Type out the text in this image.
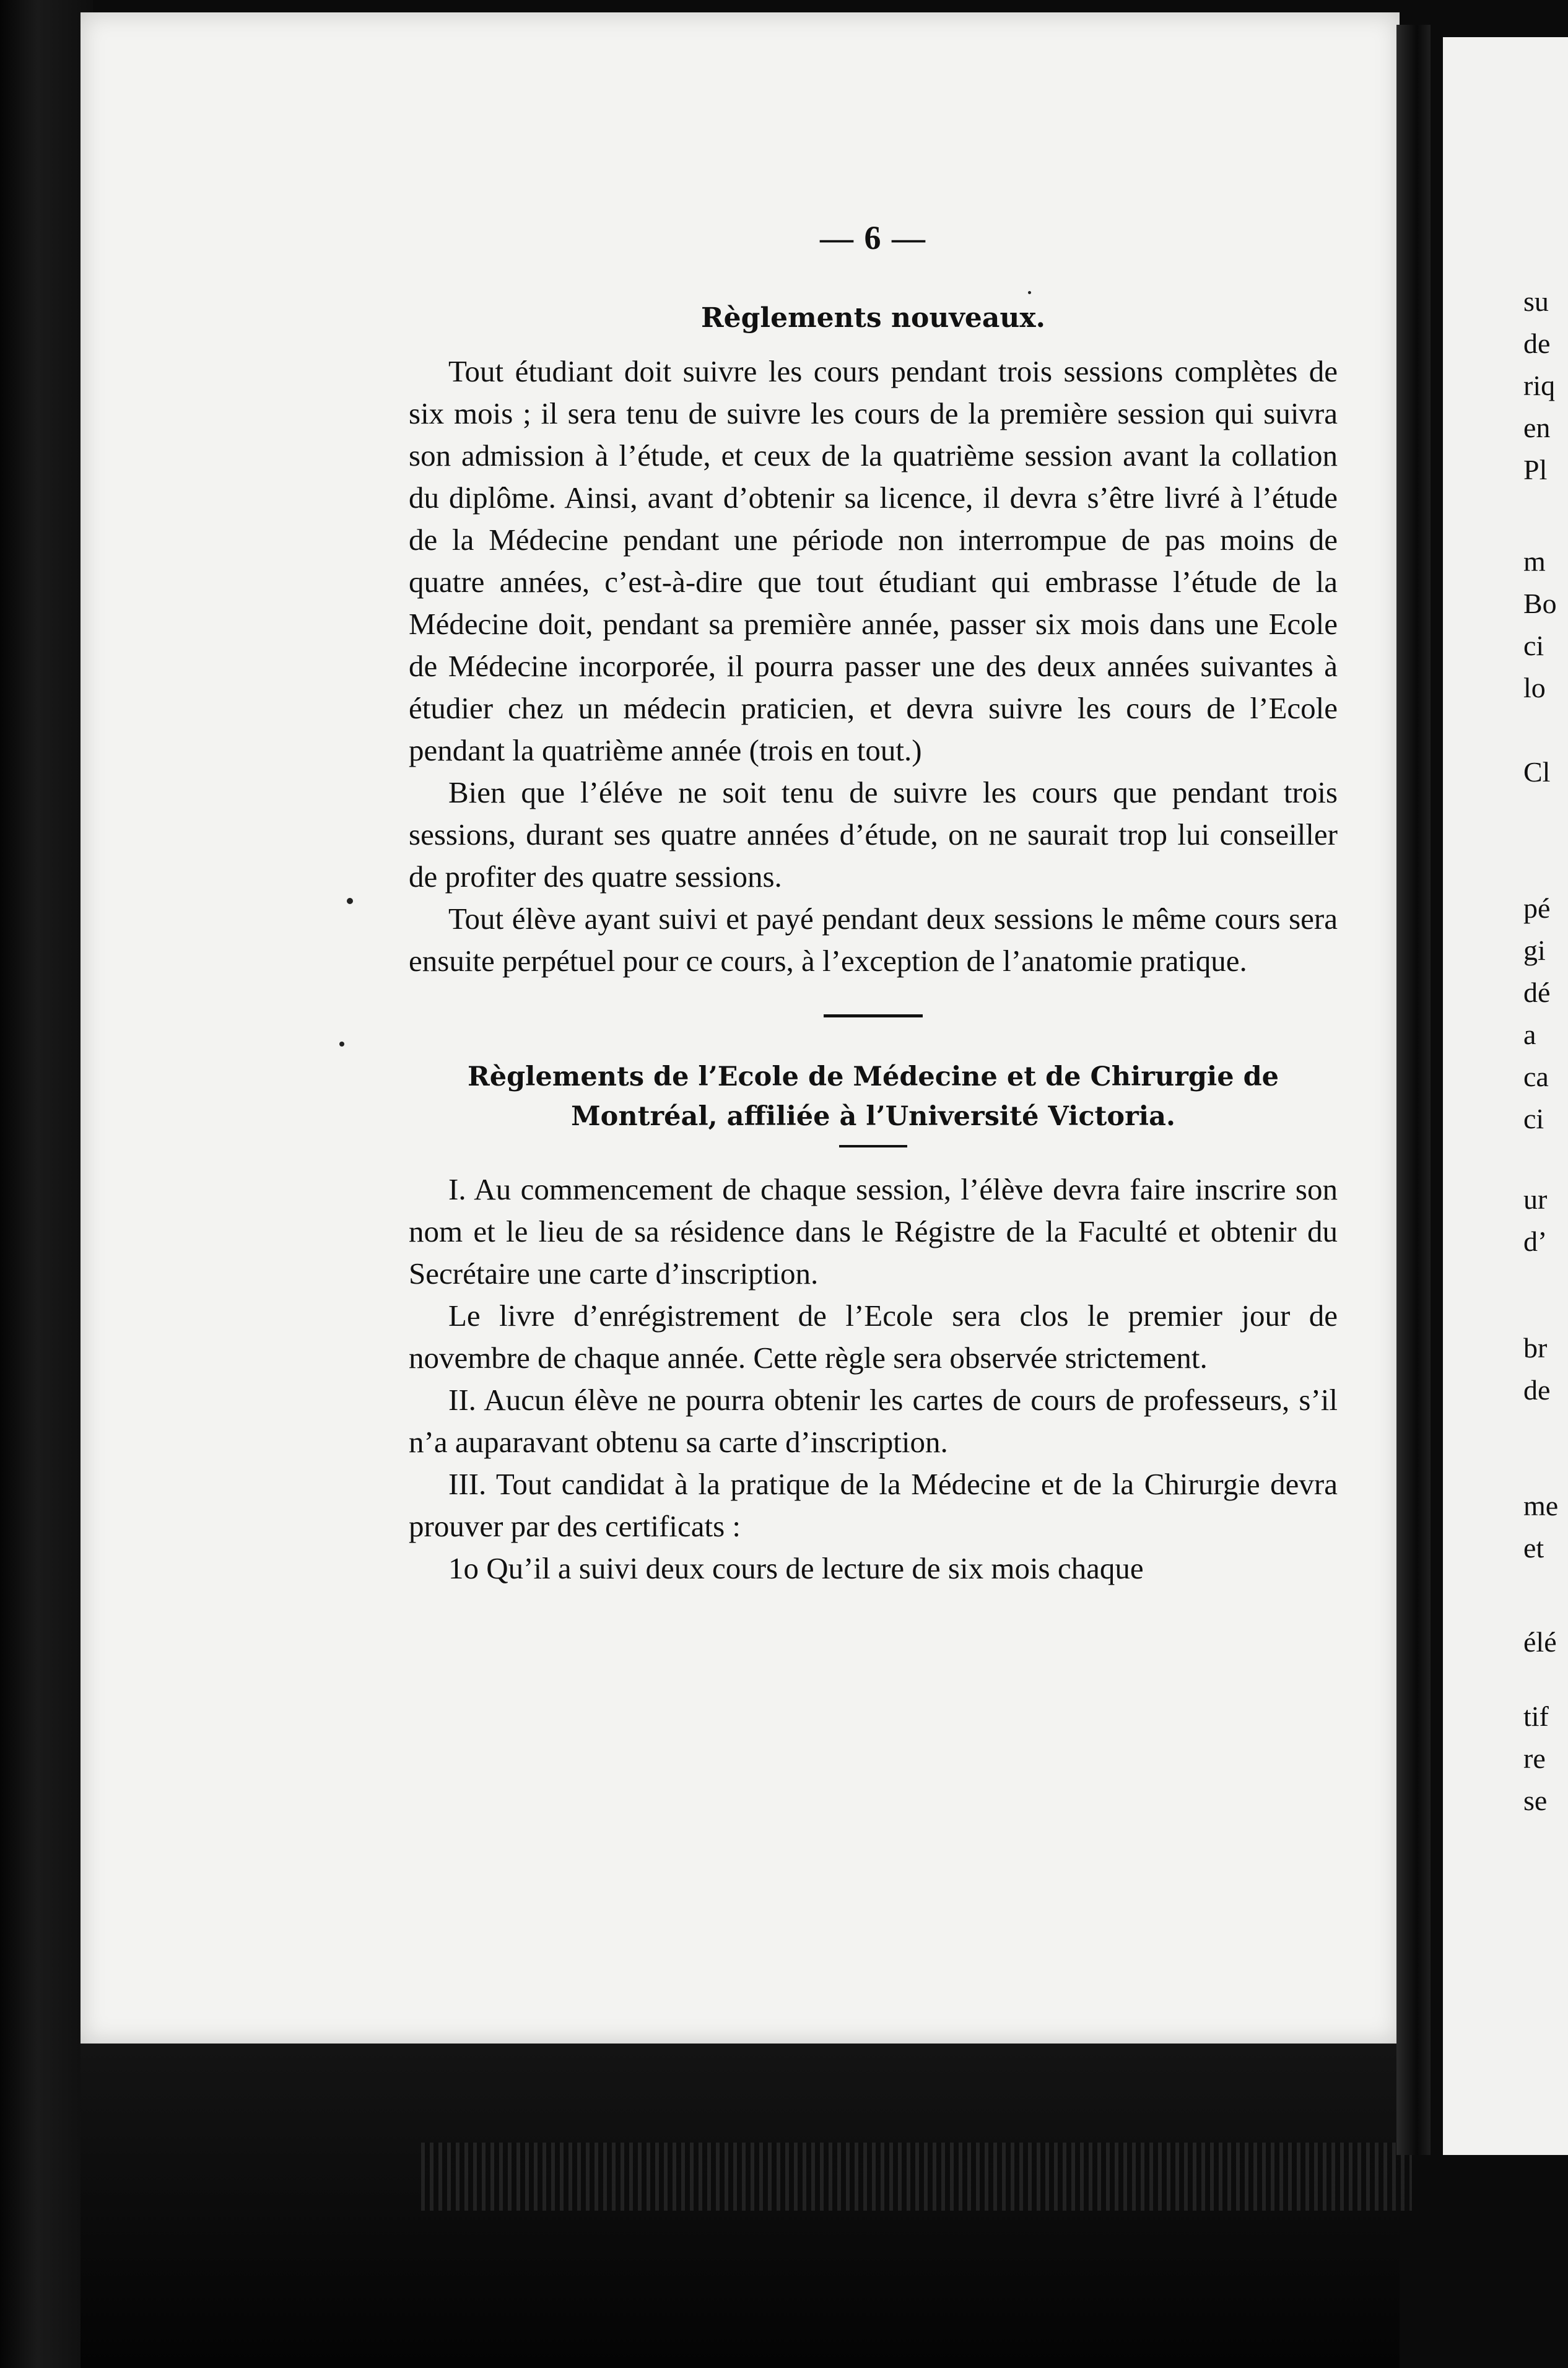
su
de
riq
en
Pl
m
Bo
ci
lo
Cl
pé
gi
dé
a
ca
ci
ur
d’
br
de
me
et
élé
tif
re
se
— 6 —
Règlements nouveaux.

Tout étudiant doit suivre les cours pendant trois sessions complètes de six mois ; il sera tenu de suivre les cours de la première session qui suivra son admission à l’étude, et ceux de la quatrième session avant la collation du diplôme. Ainsi, avant d’obtenir sa licence, il devra s’être livré à l’étude de la Médecine pendant une période non interrompue de pas moins de quatre années, c’est-à-dire que tout étudiant qui embrasse l’étude de la Médecine doit, pendant sa première année, passer six mois dans une Ecole de Médecine incorporée, il pourra passer une des deux années suivantes à étudier chez un médecin praticien, et devra suivre les cours de l’Ecole pendant la quatrième année (trois en tout.)

Bien que l’éléve ne soit tenu de suivre les cours que pendant trois sessions, durant ses quatre années d’étude, on ne saurait trop lui conseiller de profiter des quatre sessions.

Tout élève ayant suivi et payé pendant deux sessions le même cours sera ensuite perpétuel pour ce cours, à l’exception de l’anatomie pratique.

Règlements de l’Ecole de Médecine et de Chirurgie de Montréal, affiliée à l’Université Victoria.

I. Au commencement de chaque session, l’élève devra faire inscrire son nom et le lieu de sa résidence dans le Régistre de la Faculté et obtenir du Secrétaire une carte d’inscription.

Le livre d’enrégistrement de l’Ecole sera clos le premier jour de novembre de chaque année. Cette règle sera observée strictement.

II. Aucun élève ne pourra obtenir les cartes de cours de professeurs, s’il n’a auparavant obtenu sa carte d’inscription.

III. Tout candidat à la pratique de la Médecine et de la Chirurgie devra prouver par des certificats :

1o Qu’il a suivi deux cours de lecture de six mois chaque
